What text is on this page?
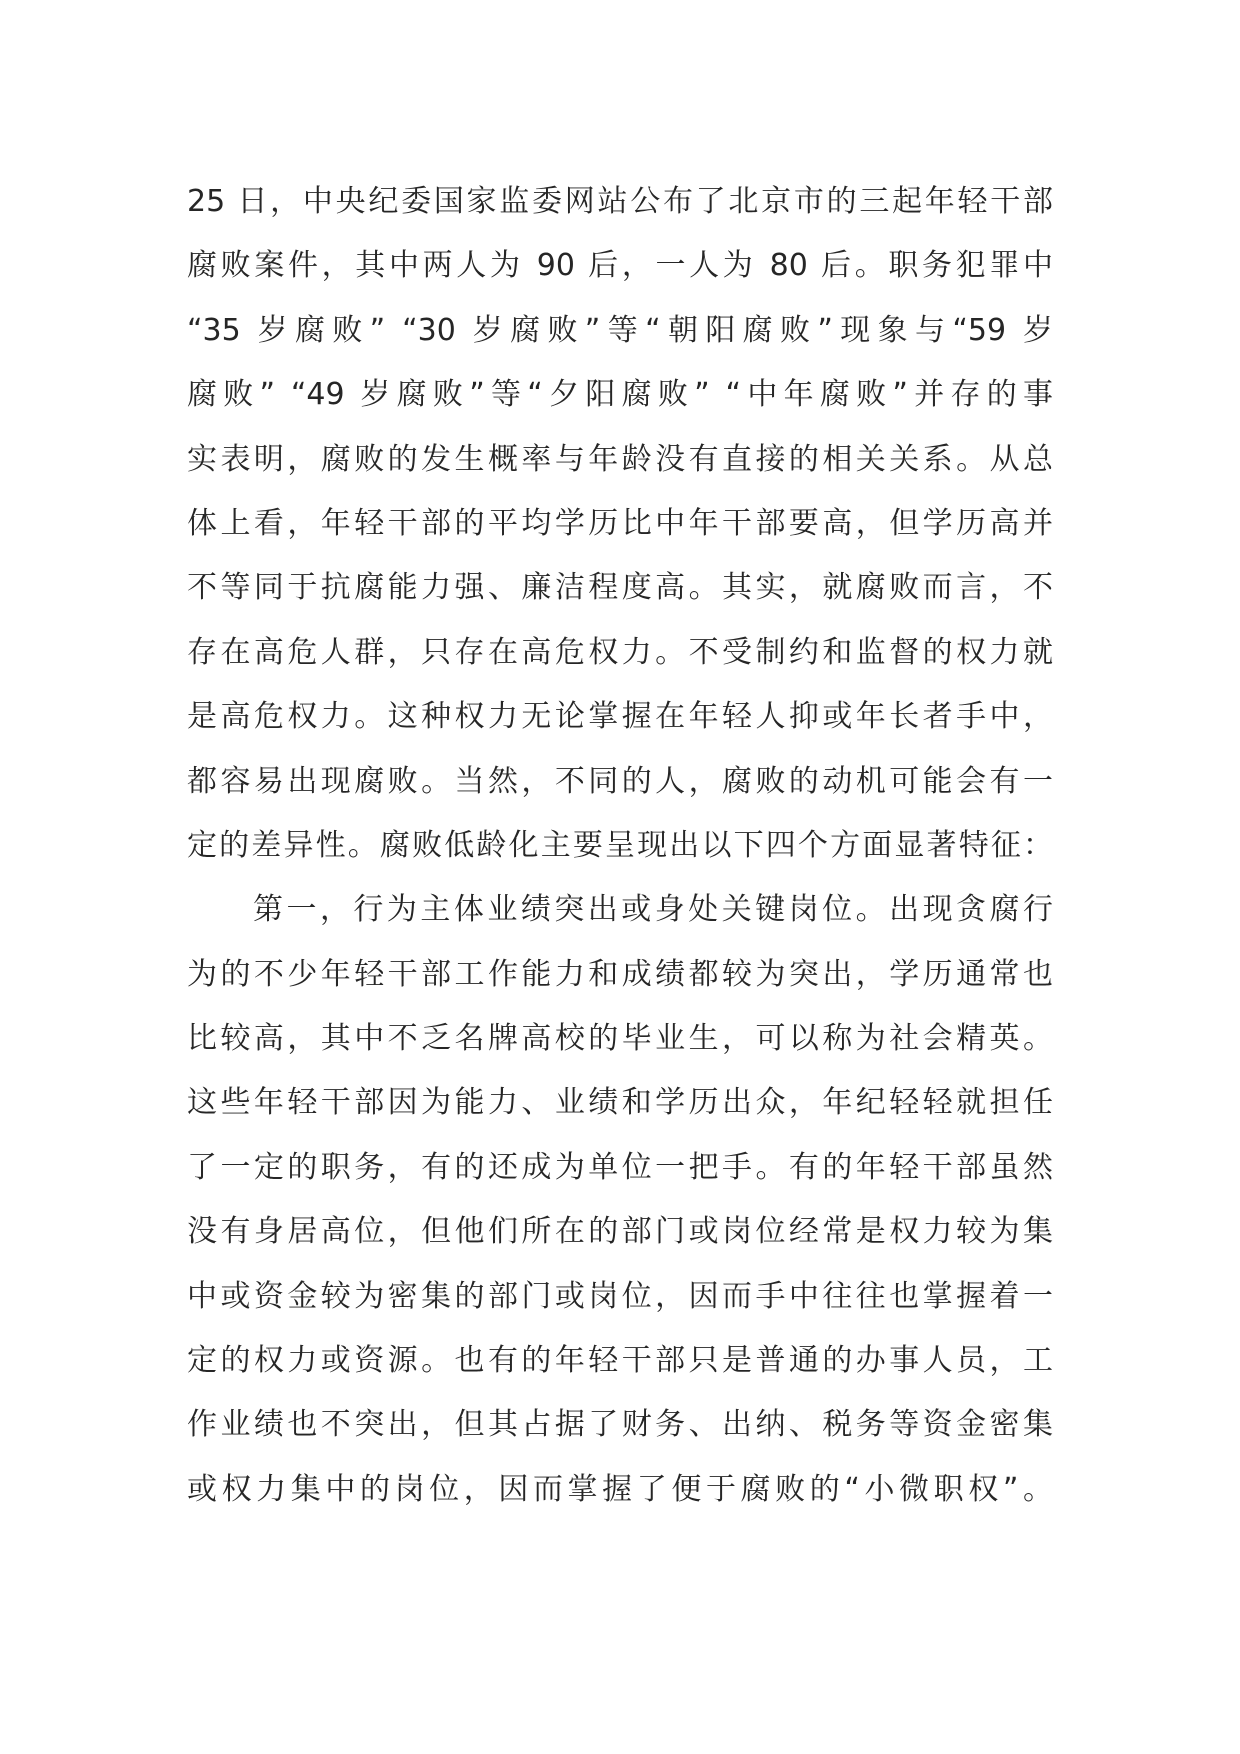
25 日，中央纪委国家监委网站公布了北京市的三起年轻干部
腐败案件，其中两人为 90 后，一人为 80 后。职务犯罪中
“35 岁腐败” “30 岁腐败”等“朝阳腐败”现象与“59 岁
腐败” “49 岁腐败”等“夕阳腐败” “中年腐败”并存的事
实表明，腐败的发生概率与年龄没有直接的相关关系。从总
体上看，年轻干部的平均学历比中年干部要高，但学历高并
不等同于抗腐能力强、廉洁程度高。其实，就腐败而言，不
存在高危人群，只存在高危权力。不受制约和监督的权力就
是高危权力。这种权力无论掌握在年轻人抑或年长者手中，
都容易出现腐败。当然，不同的人，腐败的动机可能会有一
定的差异性。腐败低龄化主要呈现出以下四个方面显著特征：
第一，行为主体业绩突出或身处关键岗位。出现贪腐行
为的不少年轻干部工作能力和成绩都较为突出，学历通常也
比较高，其中不乏名牌高校的毕业生，可以称为社会精英。
这些年轻干部因为能力、业绩和学历出众，年纪轻轻就担任
了一定的职务，有的还成为单位一把手。有的年轻干部虽然
没有身居高位，但他们所在的部门或岗位经常是权力较为集
中或资金较为密集的部门或岗位，因而手中往往也掌握着一
定的权力或资源。也有的年轻干部只是普通的办事人员，工
作业绩也不突出，但其占据了财务、出纳、税务等资金密集
或权力集中的岗位，因而掌握了便于腐败的“小微职权”。
